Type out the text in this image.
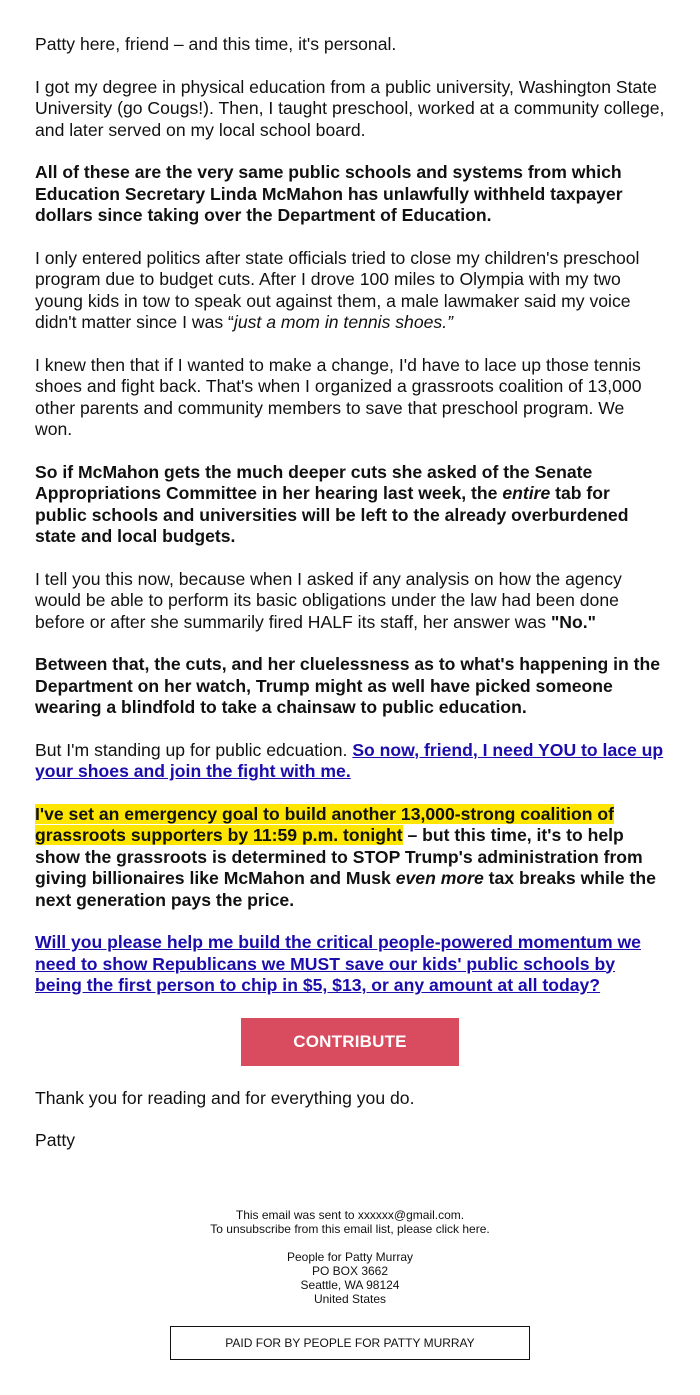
Patty here, friend – and this time, it's personal.

I got my degree in physical education from a public university, Washington State University (go Cougs!). Then, I taught preschool, worked at a community college, and later served on my local school board.

All of these are the very same public schools and systems from which Education Secretary Linda McMahon has unlawfully withheld taxpayer dollars since taking over the Department of Education.

I only entered politics after state officials tried to close my children's preschool program due to budget cuts. After I drove 100 miles to Olympia with my two young kids in tow to speak out against them, a male lawmaker said my voice didn't matter since I was “just a mom in tennis shoes.”

I knew then that if I wanted to make a change, I'd have to lace up those tennis shoes and fight back. That's when I organized a grassroots coalition of 13,000 other parents and community members to save that preschool program. We won.

So if McMahon gets the much deeper cuts she asked of the Senate Appropriations Committee in her hearing last week, the entire tab for public schools and universities will be left to the already overburdened state and local budgets.

I tell you this now, because when I asked if any analysis on how the agency would be able to perform its basic obligations under the law had been done before or after she summarily fired HALF its staff, her answer was "No."

Between that, the cuts, and her cluelessness as to what's happening in the Department on her watch, Trump might as well have picked someone wearing a blindfold to take a chainsaw to public education.

But I'm standing up for public edcuation. So now, friend, I need YOU to lace up your shoes and join the fight with me.

I've set an emergency goal to build another 13,000-strong coalition of grassroots supporters by 11:59 p.m. tonight – but this time, it's to help show the grassroots is determined to STOP Trump's administration from giving billionaires like McMahon and Musk even more tax breaks while the next generation pays the price.

Will you please help me build the critical people-powered momentum we need to show Republicans we MUST save our kids' public schools by being the first person to chip in $5, $13, or any amount at all today?

CONTRIBUTE

Thank you for reading and for everything you do.

Patty

This email was sent to xxxxxx@gmail.com.
To unsubscribe from this email list, please click here.

People for Patty Murray
PO BOX 3662
Seattle, WA 98124
United States

PAID FOR BY PEOPLE FOR PATTY MURRAY
